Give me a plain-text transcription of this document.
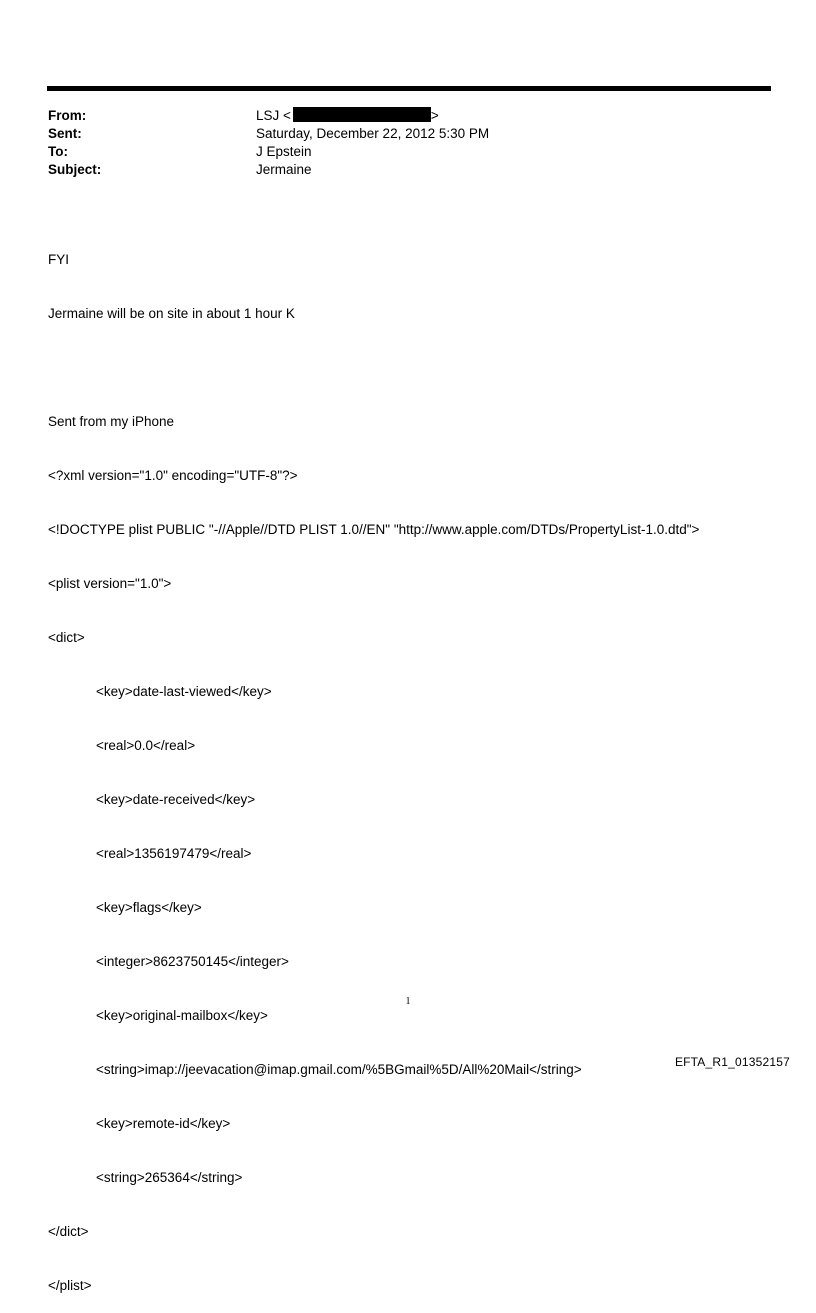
From:	LSJ <	>
Sent:	Saturday, December 22, 2012 5:30 PM
To:	J Epstein
Subject:	Jermaine

FYI

Jermaine will be on site in about 1 hour K

Sent from my iPhone

<?xml version="1.0" encoding="UTF-8"?>

<!DOCTYPE plist PUBLIC "-//Apple//DTD PLIST 1.0//EN" "http://www.apple.com/DTDs/PropertyList-1.0.dtd">

<plist version="1.0">

<dict>

<key>date-last-viewed</key>

<real>0.0</real>

<key>date-received</key>

<real>1356197479</real>

<key>flags</key>

<integer>8623750145</integer>

<key>original-mailbox</key>

<string>imap://jeevacation@imap.gmail.com/%5BGmail%5D/All%20Mail</string>

<key>remote-id</key>

<string>265364</string>

</dict>

</plist>

1
EFTA_R1_01352157
